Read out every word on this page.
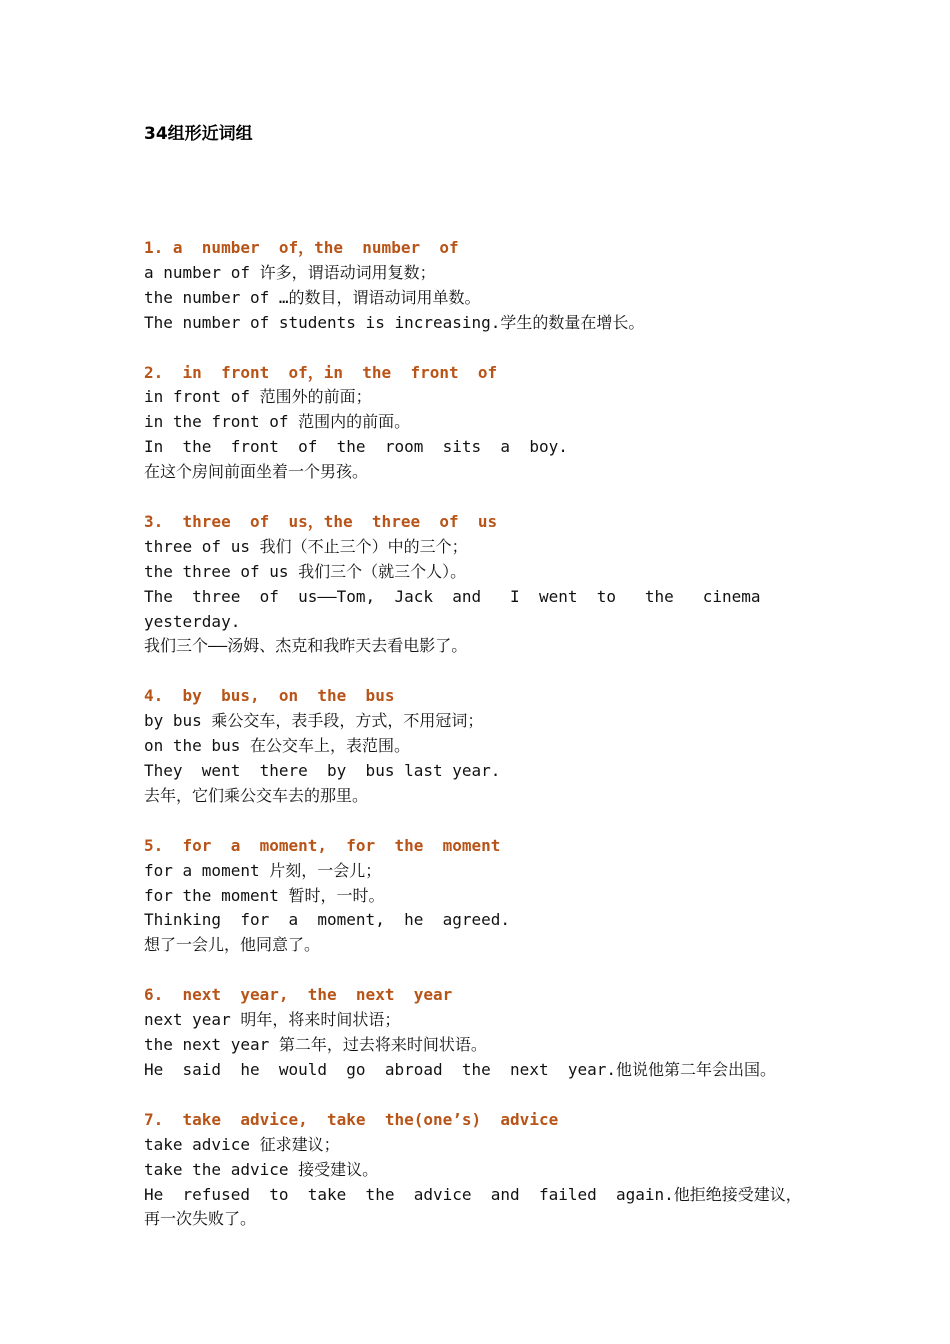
34组形近词组
1. a  number  of，the  number  of
a number of 许多，谓语动词用复数；
the number of …的数目，谓语动词用单数。
The number of students is increasing.学生的数量在增长。
2.  in  front  of，in  the  front  of
in front of 范围外的前面；
in the front of 范围内的前面。
In  the  front  of  the  room  sits  a  boy.
在这个房间前面坐着一个男孩。
3.  three  of  us，the  three  of  us
three of us 我们（不止三个）中的三个；
the three of us 我们三个（就三个人）。
The  three  of  us——Tom,  Jack  and   I  went  to   the   cinema
yesterday.
我们三个——汤姆、杰克和我昨天去看电影了。
4.  by  bus,  on  the  bus
by bus 乘公交车，表手段，方式，不用冠词；
on the bus 在公交车上，表范围。
They  went  there  by  bus last year.
去年，它们乘公交车去的那里。
5.  for  a  moment,  for  the  moment
for a moment 片刻，一会儿；
for the moment 暂时，一时。
Thinking  for  a  moment,  he  agreed.
想了一会儿，他同意了。
6.  next  year,  the  next  year
next year 明年，将来时间状语；
the next year 第二年，过去将来时间状语。
He  said  he  would  go  abroad  the  next  year.他说他第二年会出国。
7.  take  advice,  take  the(one’s)  advice
take advice 征求建议；
take the advice 接受建议。
He  refused  to  take  the  advice  and  failed  again.他拒绝接受建议，
再一次失败了。
